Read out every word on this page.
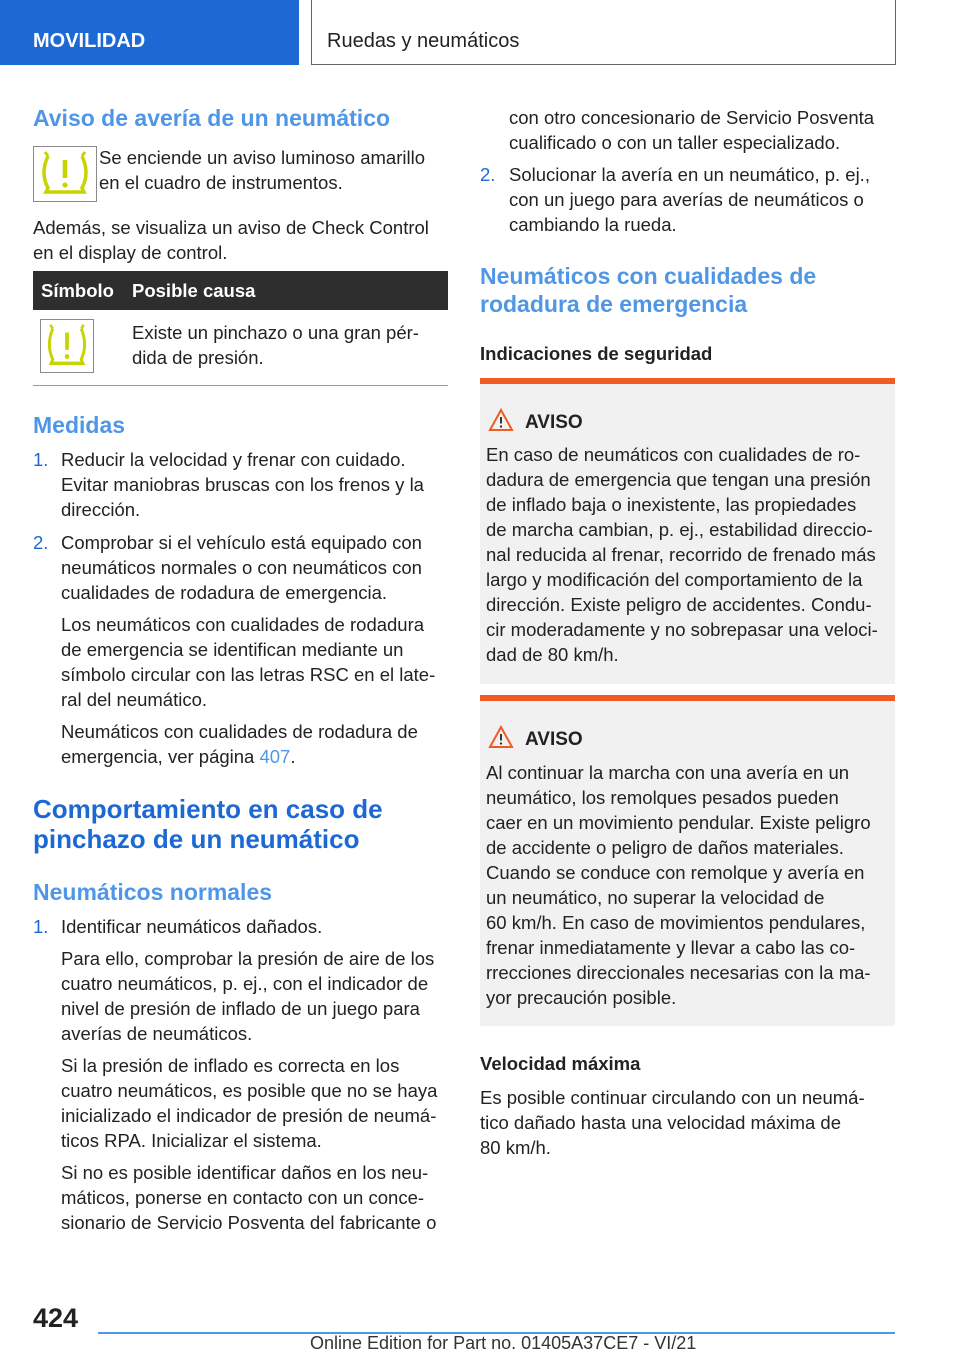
MOVILIDAD	Ruedas y neumáticos
Aviso de avería de un neumático
Se enciende un aviso luminoso amarillo
en el cuadro de instrumentos.
Además, se visualiza un aviso de Check Control
en el display de control.
Símbolo Posible causa
Existe un pinchazo o una gran pér-
dida de presión.
Medidas
1. Reducir la velocidad y frenar con cuidado.
Evitar maniobras bruscas con los frenos y la
dirección.
2. Comprobar si el vehículo está equipado con
neumáticos normales o con neumáticos con
cualidades de rodadura de emergencia.
Los neumáticos con cualidades de rodadura
de emergencia se identifican mediante un
símbolo circular con las letras RSC en el late-
ral del neumático.
Neumáticos con cualidades de rodadura de
emergencia, ver página 407.
Comportamiento en caso de
pinchazo de un neumático
Neumáticos normales
1. Identificar neumáticos dañados.
Para ello, comprobar la presión de aire de los
cuatro neumáticos, p. ej., con el indicador de
nivel de presión de inflado de un juego para
averías de neumáticos.
Si la presión de inflado es correcta en los
cuatro neumáticos, es posible que no se haya
inicializado el indicador de presión de neumá-
ticos RPA. Inicializar el sistema.
Si no es posible identificar daños en los neu-
máticos, ponerse en contacto con un conce-
sionario de Servicio Posventa del fabricante o
con otro concesionario de Servicio Posventa
cualificado o con un taller especializado.
2. Solucionar la avería en un neumático, p. ej.,
con un juego para averías de neumáticos o
cambiando la rueda.
Neumáticos con cualidades de
rodadura de emergencia
Indicaciones de seguridad
AVISO
En caso de neumáticos con cualidades de ro-
dadura de emergencia que tengan una presión
de inflado baja o inexistente, las propiedades
de marcha cambian, p. ej., estabilidad direccio-
nal reducida al frenar, recorrido de frenado más
largo y modificación del comportamiento de la
dirección. Existe peligro de accidentes. Condu-
cir moderadamente y no sobrepasar una veloci-
dad de 80 km/h.
AVISO
Al continuar la marcha con una avería en un
neumático, los remolques pesados pueden
caer en un movimiento pendular. Existe peligro
de accidente o peligro de daños materiales.
Cuando se conduce con remolque y avería en
un neumático, no superar la velocidad de
60 km/h. En caso de movimientos pendulares,
frenar inmediatamente y llevar a cabo las co-
rrecciones direccionales necesarias con la ma-
yor precaución posible.
Velocidad máxima
Es posible continuar circulando con un neumá-
tico dañado hasta una velocidad máxima de
80 km/h.
424
Online Edition for Part no. 01405A37CE7 - VI/21
